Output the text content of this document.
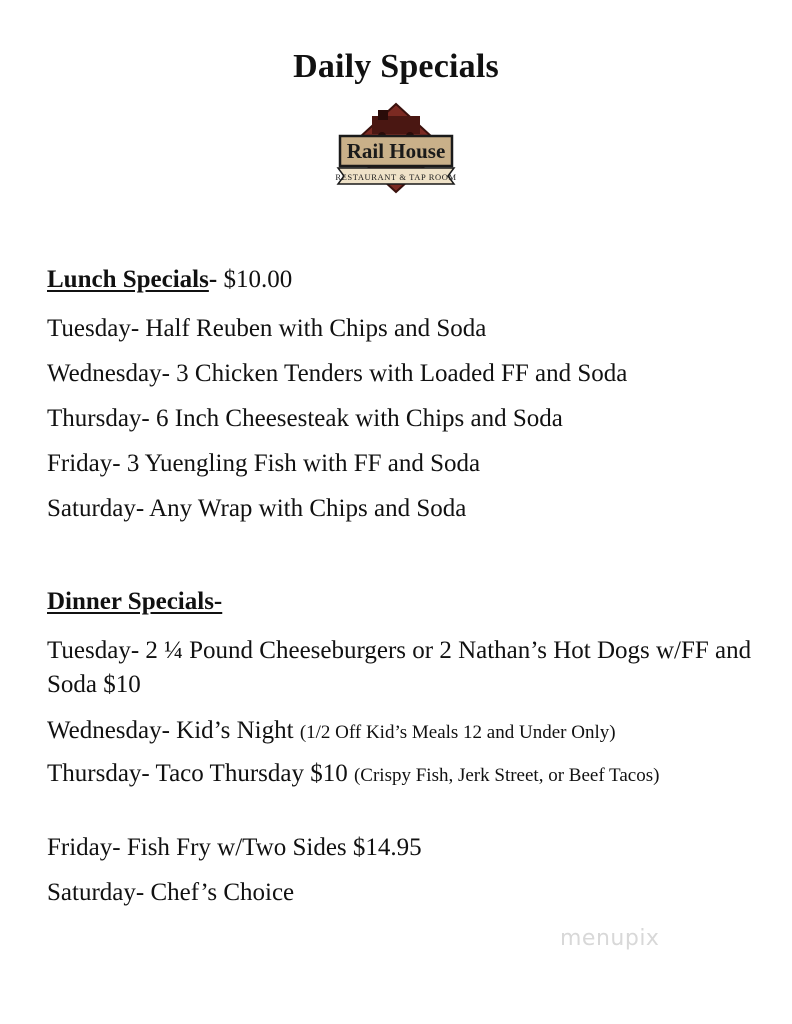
Daily Specials
Rail House
RESTAURANT & TAP ROOM
Lunch Specials- $10.00
Tuesday- Half Reuben with Chips and Soda
Wednesday- 3 Chicken Tenders with Loaded FF and Soda
Thursday- 6 Inch Cheesesteak with Chips and Soda
Friday- 3 Yuengling Fish with FF and Soda
Saturday- Any Wrap with Chips and Soda
Dinner Specials-
Tuesday- 2 ¼ Pound Cheeseburgers or 2 Nathan’s Hot Dogs w/FF and Soda $10
Wednesday- Kid’s Night (1/2 Off Kid’s Meals 12 and Under Only)
Thursday- Taco Thursday $10 (Crispy Fish, Jerk Street, or Beef Tacos)
Friday- Fish Fry w/Two Sides $14.95
Saturday- Chef’s Choice
menupix
